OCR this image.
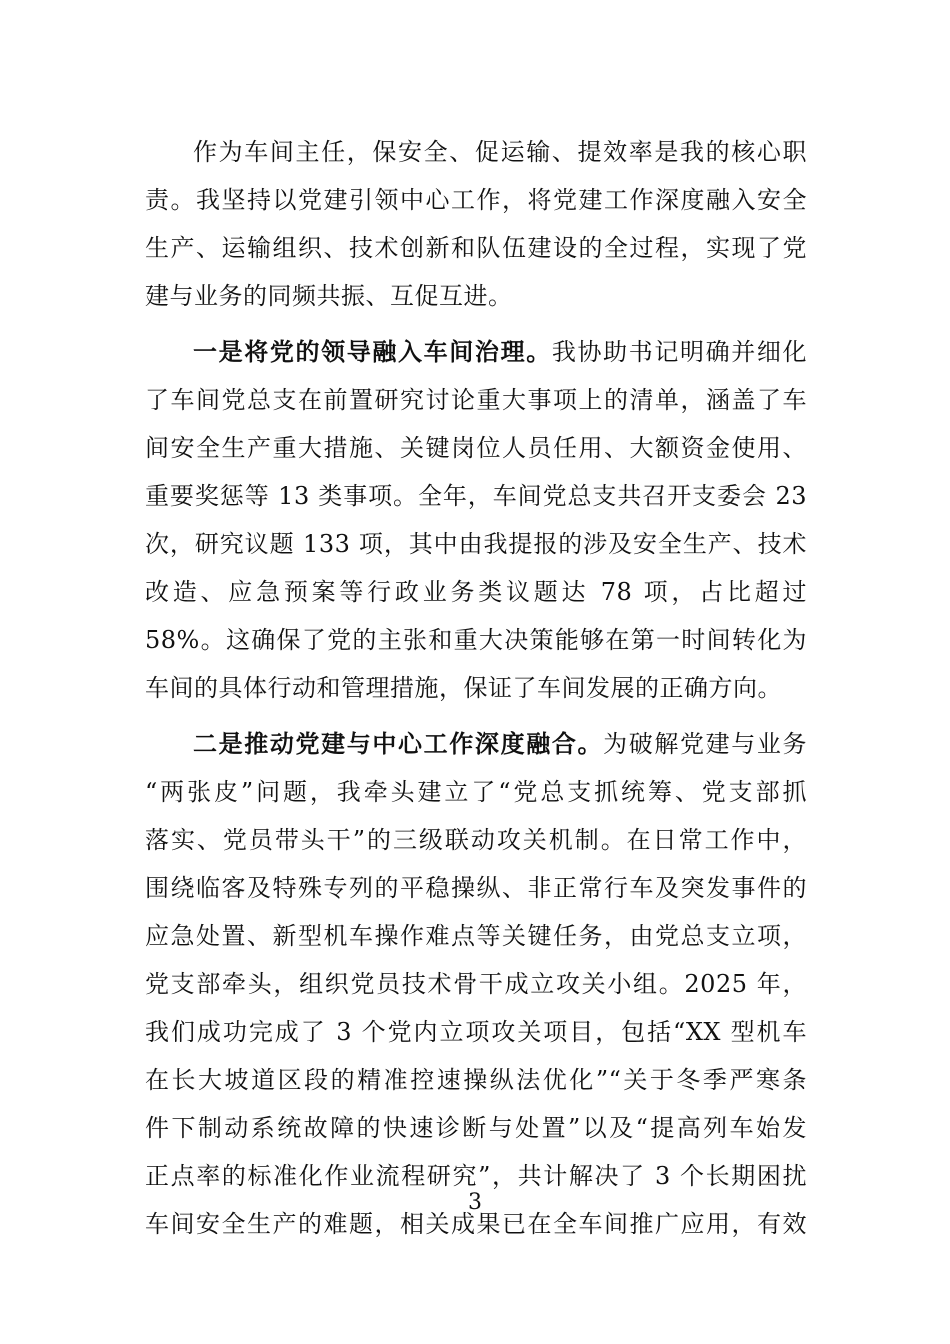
作为车间主任，保安全、促运输、提效率是我的核心职
责。我坚持以党建引领中心工作，将党建工作深度融入安全
生产、运输组织、技术创新和队伍建设的全过程，实现了党
建与业务的同频共振、互促互进。
一是将党的领导融入车间治理。我协助书记明确并细化
了车间党总支在前置研究讨论重大事项上的清单，涵盖了车
间安全生产重大措施、关键岗位人员任用、大额资金使用、
重要奖惩等 13 类事项。全年，车间党总支共召开支委会 23
次，研究议题 133 项，其中由我提报的涉及安全生产、技术
改造、应急预案等行政业务类议题达 78 项，占比超过
58%。这确保了党的主张和重大决策能够在第一时间转化为
车间的具体行动和管理措施，保证了车间发展的正确方向。
二是推动党建与中心工作深度融合。为破解党建与业务
“两张皮”问题，我牵头建立了“党总支抓统筹、党支部抓
落实、党员带头干”的三级联动攻关机制。在日常工作中，
围绕临客及特殊专列的平稳操纵、非正常行车及突发事件的
应急处置、新型机车操作难点等关键任务，由党总支立项，
党支部牵头，组织党员技术骨干成立攻关小组。2025 年，
我们成功完成了 3 个党内立项攻关项目，包括“XX 型机车
在长大坡道区段的精准控速操纵法优化”“关于冬季严寒条
件下制动系统故障的快速诊断与处置”以及“提高列车始发
正点率的标准化作业流程研究”，共计解决了 3 个长期困扰
车间安全生产的难题，相关成果已在全车间推广应用，有效
3
